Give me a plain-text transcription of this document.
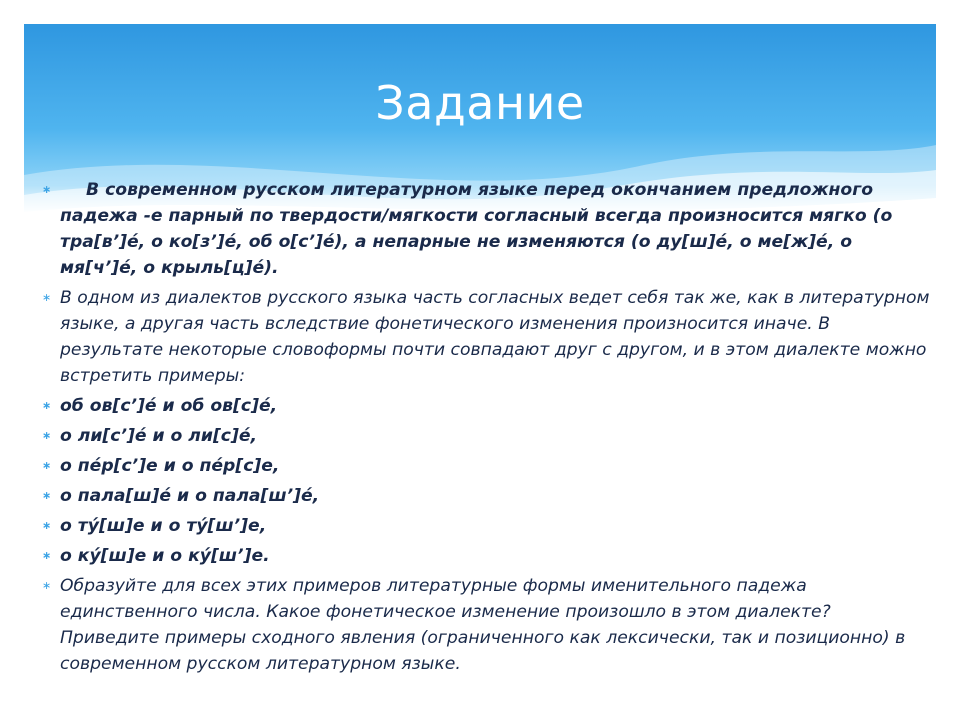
Задание
∗ В современном русском литературном языке перед окончанием предложного падежа -е парный по твердости/мягкости согласный всегда произносится мягко (о тра[в’]é, о ко[з’]é, об о[с’]é), а непарные не изменяются (о ду[ш]é, о ме[ж]é, о мя[ч’]é, о крыль[ц]é).
∗ В одном из диалектов русского языка часть согласных ведет себя так же, как в литературном языке, а другая часть вследствие фонетического изменения произносится иначе. В результате некоторые словоформы почти совпадают друг с другом, и в этом диалекте можно встретить примеры:
∗ об ов[с’]é и об ов[с]é,
∗ о ли[с’]é и о ли[с]é,
∗ о пéр[с’]е и о пéр[с]е,
∗ о пала[ш]é и о пала[ш’]é,
∗ о тý[ш]е и о тý[ш’]е,
∗ о кý[ш]е и о кý[ш’]е.
∗ Образуйте для всех этих примеров литературные формы именительного падежа единственного числа. Какое фонетическое изменение произошло в этом диалекте? Приведите примеры сходного явления (ограниченного как лексически, так и позиционно) в современном русском литературном языке.
